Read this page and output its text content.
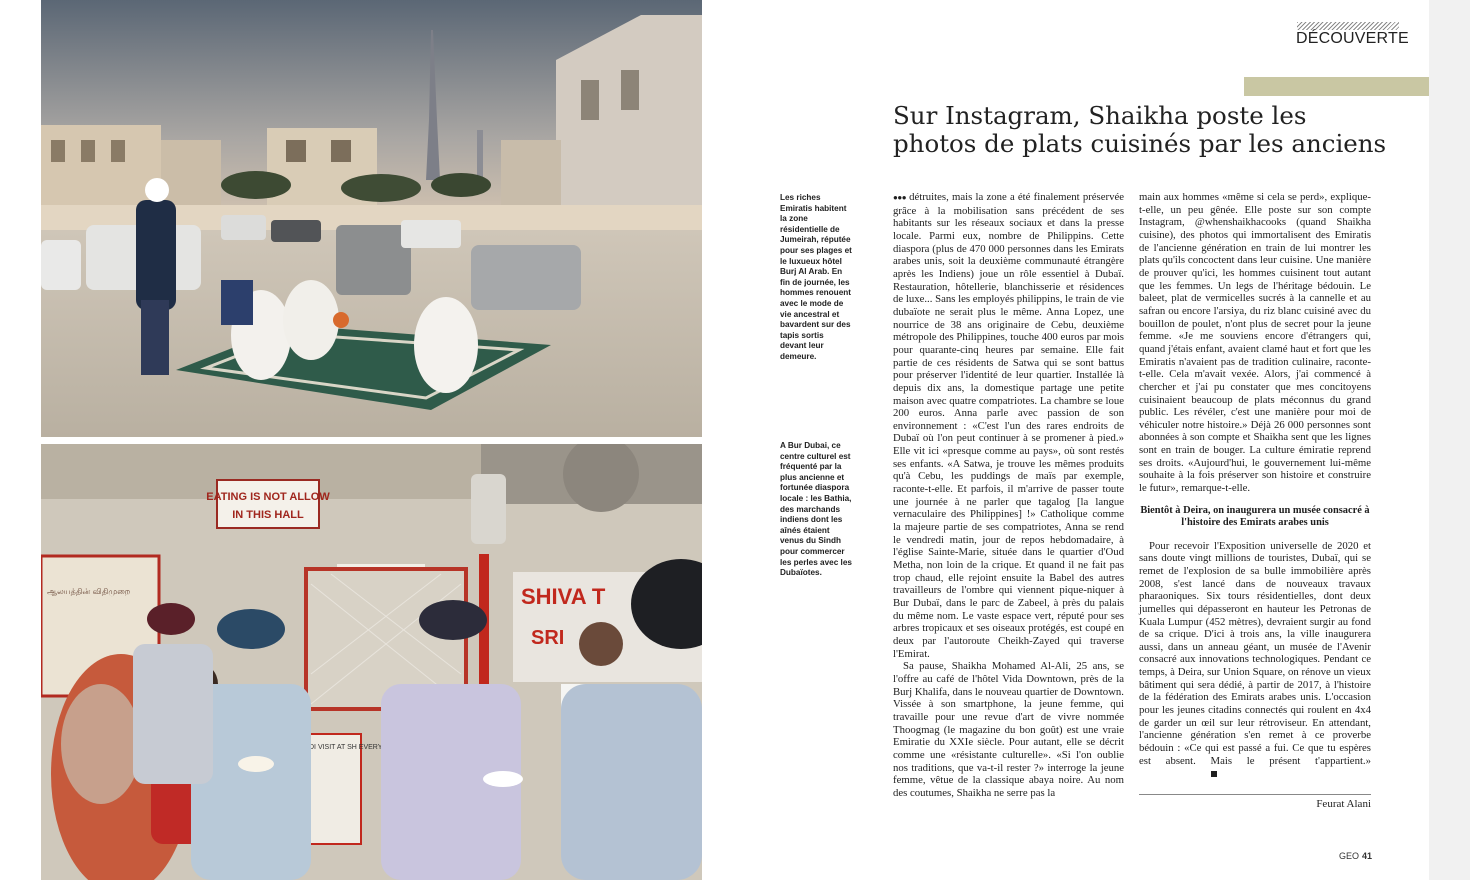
EATING IS NOT ALLOW
IN THIS HALL
ஆலயத்தின் விதிமுறை	SHIVA T
SRI
DI VISIT AT SH EVERY
DÉCOUVERTE
Sur Instagram, Shaikha poste les photos de plats cuisinés par les anciens
Les riches Emiratis habitent la zone résidentielle de Jumeirah, réputée pour ses plages et le luxueux hôtel Burj Al Arab. En fin de journée, les hommes renouent avec le mode de vie ancestral et bavardent sur des tapis sortis devant leur demeure.
A Bur Dubai, ce centre culturel est fréquenté par la plus ancienne et fortunée diaspora locale : les Bathia, des marchands indiens dont les aînés étaient venus du Sindh pour commercer les perles avec les Dubaïotes.

●●● détruites, mais la zone a été finalement préservée grâce à la mobilisation sans précédent de ses habitants sur les réseaux sociaux et dans la presse locale. Parmi eux, nombre de Philippins. Cette diaspora (plus de 470 000 personnes dans les Emirats arabes unis, soit la deuxième communauté étrangère après les Indiens) joue un rôle essentiel à Dubaï. Restauration, hôtellerie, blanchisserie et résidences de luxe... Sans les employés philippins, le train de vie dubaïote ne serait plus le même. Anna Lopez, une nourrice de 38 ans originaire de Cebu, deuxième métropole des Philippines, touche 400 euros par mois pour quarante-cinq heures par semaine. Elle fait partie de ces résidents de Satwa qui se sont battus pour préserver l'identité de leur quartier. Installée là depuis dix ans, la domestique partage une petite maison avec quatre compatriotes. La chambre se loue 200 euros. Anna parle avec passion de son environnement : «C'est l'un des rares endroits de Dubaï où l'on peut continuer à se promener à pied.» Elle vit ici «presque comme au pays», où sont restés ses enfants. «A Satwa, je trouve les mêmes produits qu'à Cebu, les puddings de maïs par exemple, raconte-t-elle. Et parfois, il m'arrive de passer toute une journée à ne parler que tagalog [la langue vernaculaire des Philippines] !» Catholique comme la majeure partie de ses compatriotes, Anna se rend le vendredi matin, jour de repos hebdomadaire, à l'église Sainte-Marie, située dans le quartier d'Oud Metha, non loin de la crique. Et quand il ne fait pas trop chaud, elle rejoint ensuite la Babel des autres travailleurs de l'ombre qui viennent pique-niquer à Bur Dubaï, dans le parc de Zabeel, à près du palais du même nom. Le vaste espace vert, réputé pour ses arbres tropicaux et ses oiseaux protégés, est coupé en deux par l'autoroute Cheikh-Zayed qui traverse l'Emirat.

Sa pause, Shaikha Mohamed Al-Ali, 25 ans, se l'offre au café de l'hôtel Vida Downtown, près de la Burj Khalifa, dans le nouveau quartier de Downtown. Vissée à son smartphone, la jeune femme, qui travaille pour une revue d'art de vivre nommée Thoogmag (le magazine du bon goût) est une vraie Emiratie du XXIe siècle. Pour autant, elle se décrit comme une «résistante culturelle». «Si l'on oublie nos traditions, que va-t-il rester ?» interroge la jeune femme, vêtue de la classique abaya noire. Au nom des coutumes, Shaikha ne serre pas la

main aux hommes «même si cela se perd», explique-t-elle, un peu gênée. Elle poste sur son compte Instagram, @whenshaikhacooks (quand Shaikha cuisine), des photos qui immortalisent des Emiratis de l'ancienne génération en train de lui montrer les plats qu'ils concoctent dans leur cuisine. Une manière de prouver qu'ici, les hommes cuisinent tout autant que les femmes. Un legs de l'héritage bédouin. Le baleet, plat de vermicelles sucrés à la cannelle et au safran ou encore l'arsiya, du riz blanc cuisiné avec du bouillon de poulet, n'ont plus de secret pour la jeune femme. «Je me souviens encore d'étrangers qui, quand j'étais enfant, avaient clamé haut et fort que les Emiratis n'avaient pas de tradition culinaire, raconte-t-elle. Cela m'avait vexée. Alors, j'ai commencé à chercher et j'ai pu constater que mes concitoyens cuisinaient beaucoup de plats méconnus du grand public. Les révéler, c'est une manière pour moi de véhiculer notre histoire.» Déjà 26 000 personnes sont abonnées à son compte et Shaikha sent que les lignes sont en train de bouger. La culture émiratie reprend ses droits. «Aujourd'hui, le gouvernement lui-même souhaite à la fois préserver son histoire et construire le futur», remarque-t-elle.

Bientôt à Deira, on inaugurera un musée consacré à l'histoire des Emirats arabes unis

Pour recevoir l'Exposition universelle de 2020 et sans doute vingt millions de touristes, Dubaï, qui se remet de l'explosion de sa bulle immobilière après 2008, s'est lancé dans de nouveaux travaux pharaoniques. Six tours résidentielles, dont deux jumelles qui dépasseront en hauteur les Petronas de Kuala Lumpur (452 mètres), devraient surgir au fond de sa crique. D'ici à trois ans, la ville inaugurera aussi, dans un anneau géant, un musée de l'Avenir consacré aux innovations technologiques. Pendant ce temps, à Deira, sur Union Square, on rénove un vieux bâtiment qui sera dédié, à partir de 2017, à l'histoire de la fédération des Emirats arabes unis. L'occasion pour les jeunes citadins connectés qui roulent en 4x4 de garder un œil sur leur rétroviseur. En attendant, l'ancienne génération s'en remet à ce proverbe bédouin : «Ce qui est passé a fui. Ce que tu espères est absent. Mais le présent t'appartient.»

Feurat Alani
GEO 41
